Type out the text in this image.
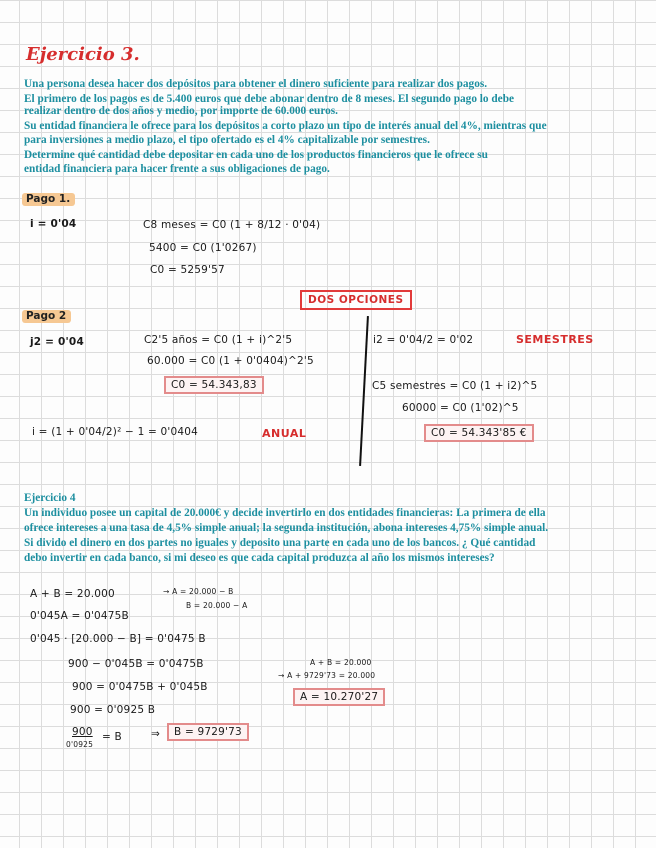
Ejercicio 3.
Una persona desea hacer dos depósitos para obtener el dinero suficiente para realizar dos pagos.
El primero de los pagos es de 5.400 euros que debe abonar dentro de 8 meses. El segundo pago lo debe
realizar dentro de dos años y medio, por importe de 60.000 euros.
Su entidad financiera le ofrece para los depósitos a corto plazo un tipo de interés anual del 4%, mientras que
para inversiones a medio plazo, el tipo ofertado es el 4% capitalizable por semestres.
Determine qué cantidad debe depositar en cada uno de los productos financieros que le ofrece su
entidad financiera para hacer frente a sus obligaciones de pago.
Pago 1.
i = 0'04	C8 meses = C0 (1 + 8/12 · 0'04)
5400 = C0 (1'0267)
C0 = 5259'57
DOS OPCIONES
Pago 2
j2 = 0'04	C2'5 años = C0 (1 + i)^2'5
60.000 = C0 (1 + 0'0404)^2'5
C0 = 54.343,83
i = (1 + 0'04/2)² − 1 = 0'0404	ANUAL
i2 = 0'04/2 = 0'02	SEMESTRES
C5 semestres = C0 (1 + i2)^5
60000 = C0 (1'02)^5
C0 = 54.343'85 €
Ejercicio 4
Un individuo posee un capital de 20.000€ y decide invertirlo en dos entidades financieras: La primera de ella
ofrece intereses a una tasa de 4,5% simple anual; la segunda institución, abona intereses 4,75% simple anual.
Si divido el dinero en dos partes no iguales y deposito una parte en cada uno de los bancos. ¿ Qué cantidad
debo invertir en cada banco, si mi deseo es que cada capital produzca al año los mismos intereses?
A + B = 20.000	→ A = 20.000 − B
B = 20.000 − A
0'045A = 0'0475B
0'045 · [20.000 − B] = 0'0475 B
900 − 0'045B = 0'0475B
900 = 0'0475B + 0'045B
900 = 0'0925 B
900
0'0925
= B	⇒	B = 9729'73
A + B = 20.000
→ A + 9729'73 = 20.000
A = 10.270'27
